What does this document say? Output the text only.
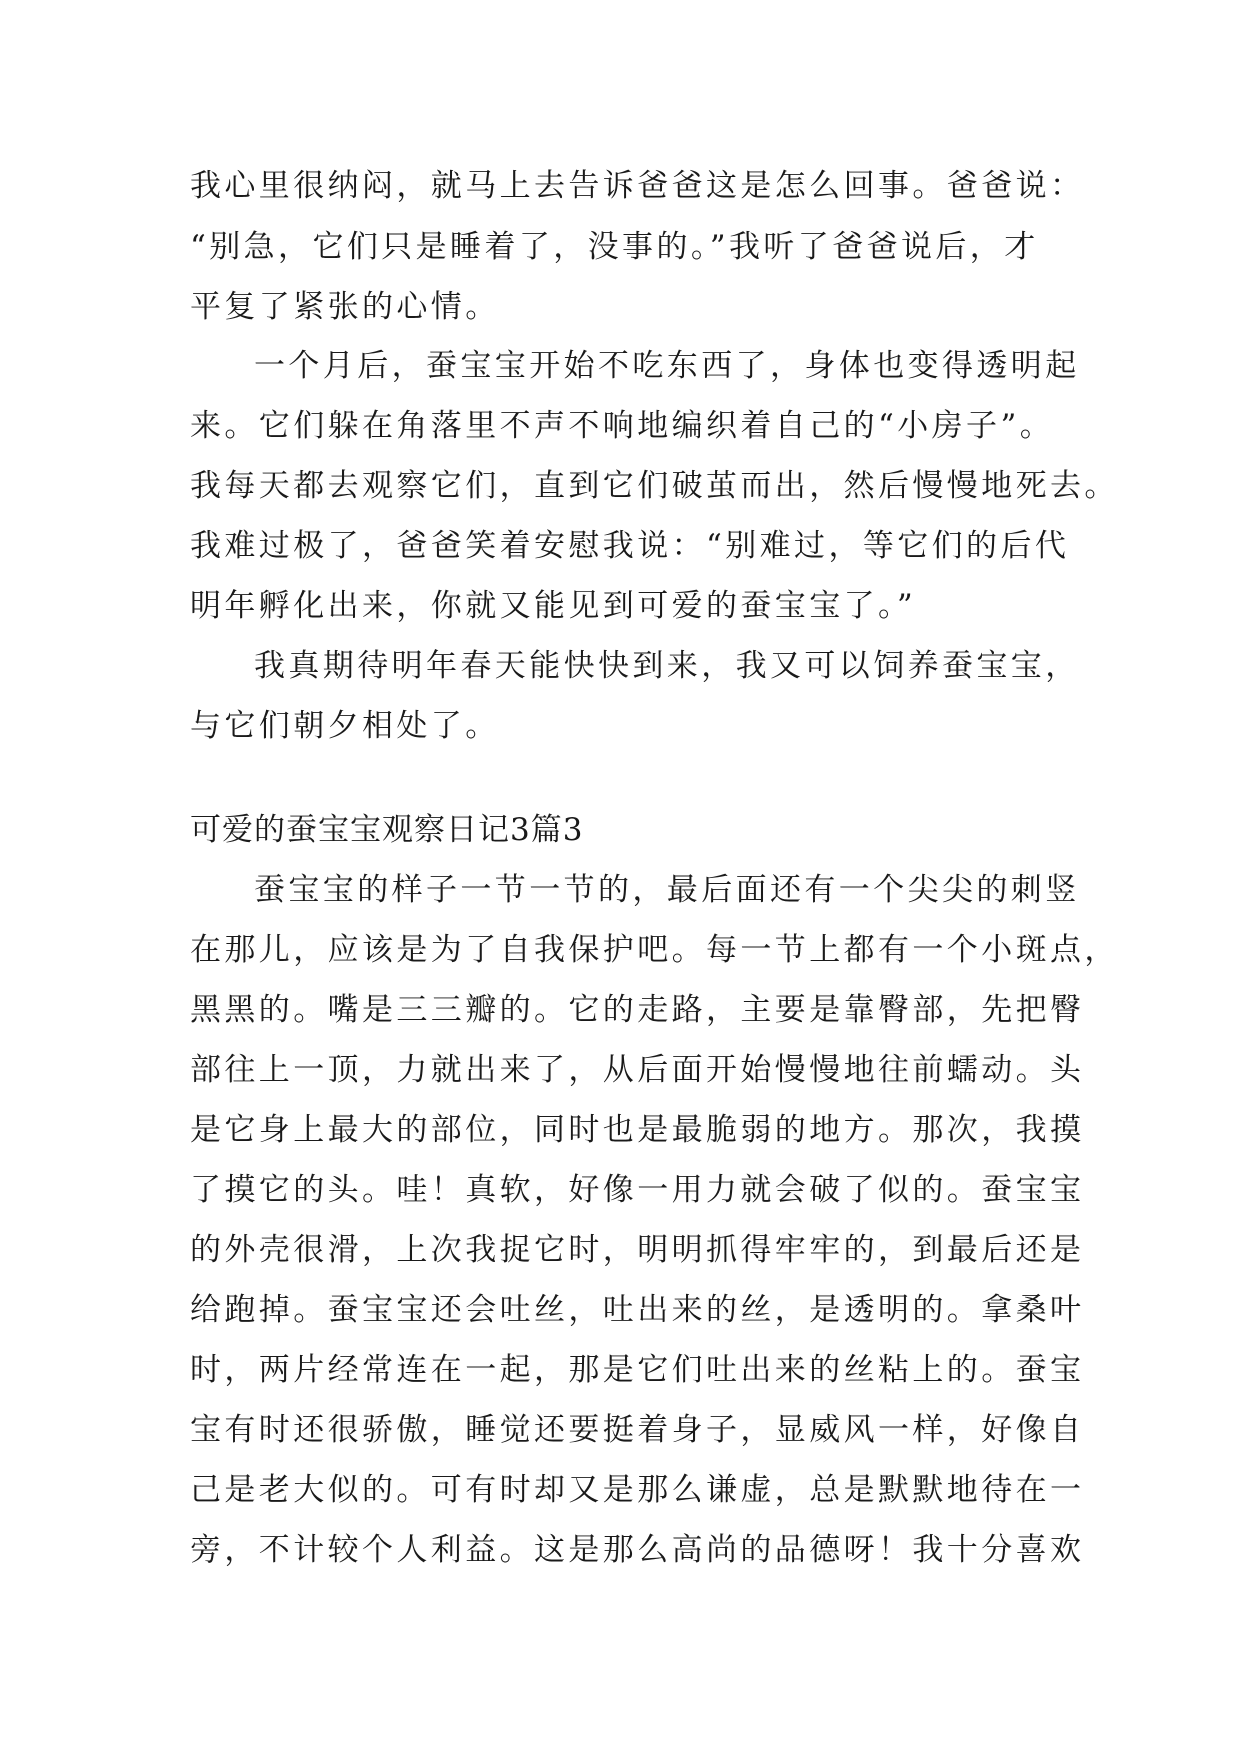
我心里很纳闷，就马上去告诉爸爸这是怎么回事。爸爸说：

“别急，它们只是睡着了，没事的。”我听了爸爸说后，才

平复了紧张的心情。

一个月后，蚕宝宝开始不吃东西了，身体也变得透明起

来。它们躲在角落里不声不响地编织着自己的“小房子”。

我每天都去观察它们，直到它们破茧而出，然后慢慢地死去。

我难过极了，爸爸笑着安慰我说：“别难过，等它们的后代

明年孵化出来，你就又能见到可爱的蚕宝宝了。”

我真期待明年春天能快快到来，我又可以饲养蚕宝宝，

与它们朝夕相处了。

可爱的蚕宝宝观察日记3篇3

蚕宝宝的样子一节一节的，最后面还有一个尖尖的刺竖

在那儿，应该是为了自我保护吧。每一节上都有一个小斑点，

黑黑的。嘴是三三瓣的。它的走路，主要是靠臀部，先把臀

部往上一顶，力就出来了，从后面开始慢慢地往前蠕动。头

是它身上最大的部位，同时也是最脆弱的地方。那次，我摸

了摸它的头。哇！真软，好像一用力就会破了似的。蚕宝宝

的外壳很滑，上次我捉它时，明明抓得牢牢的，到最后还是

给跑掉。蚕宝宝还会吐丝，吐出来的丝，是透明的。拿桑叶

时，两片经常连在一起，那是它们吐出来的丝粘上的。蚕宝

宝有时还很骄傲，睡觉还要挺着身子，显威风一样，好像自

己是老大似的。可有时却又是那么谦虚，总是默默地待在一

旁，不计较个人利益。这是那么高尚的品德呀！我十分喜欢
